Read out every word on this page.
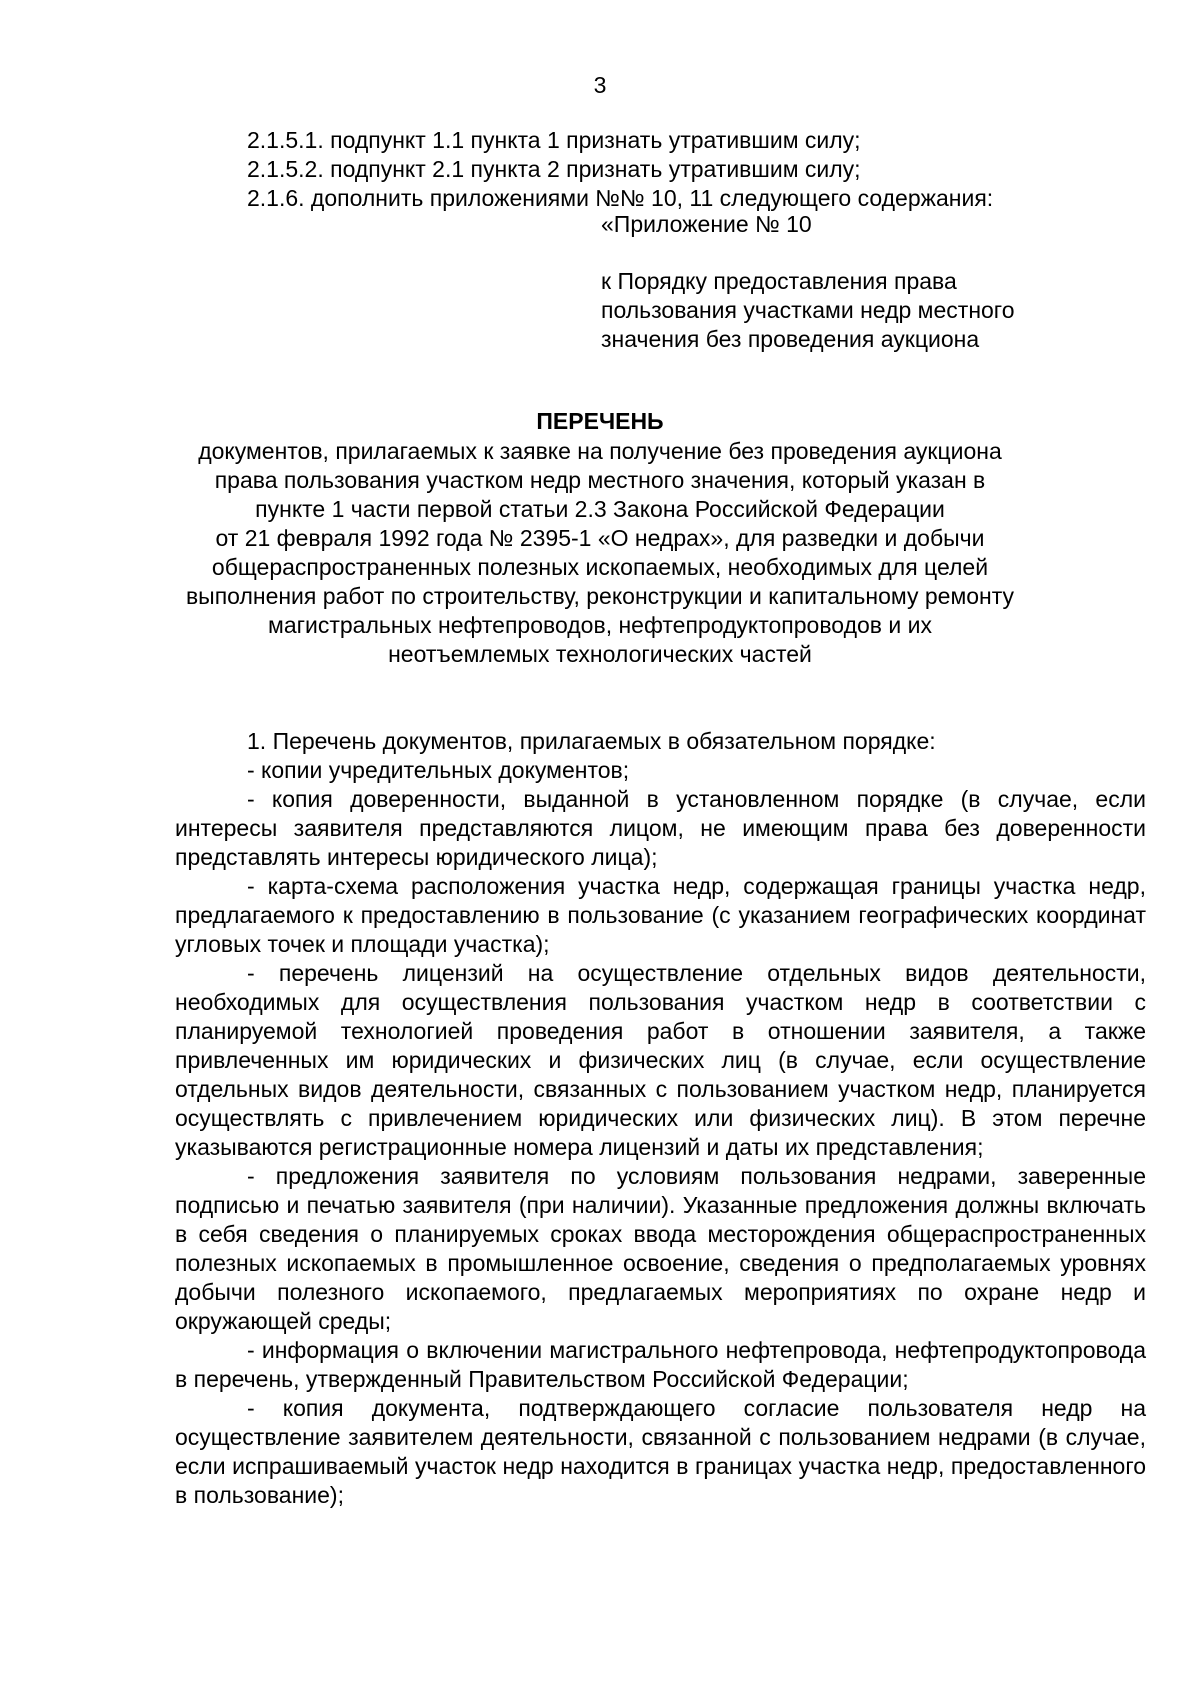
3
2.1.5.1. подпункт 1.1 пункта 1 признать утратившим силу;
2.1.5.2. подпункт 2.1 пункта 2 признать утратившим силу;
2.1.6. дополнить приложениями №№ 10, 11 следующего содержания:
«Приложение № 10
к Порядку предоставления права
пользования участками недр местного
значения без проведения аукциона
ПЕРЕЧЕНЬ
документов, прилагаемых к заявке на получение без проведения аукциона
права пользования участком недр местного значения, который указан в
пункте 1 части первой статьи 2.3 Закона Российской Федерации
от 21 февраля 1992 года № 2395-1 «О недрах», для разведки и добычи
общераспространенных полезных ископаемых, необходимых для целей
выполнения работ по строительству, реконструкции и капитальному ремонту
магистральных нефтепроводов, нефтепродуктопроводов и их
неотъемлемых технологических частей

1. Перечень документов, прилагаемых в обязательном порядке:

- копии учредительных документов;

- копия доверенности, выданной в установленном порядке (в случае, если интересы заявителя представляются лицом, не имеющим права без доверенности представлять интересы юридического лица);

- карта-схема расположения участка недр, содержащая границы участка недр, предлагаемого к предоставлению в пользование (с указанием географических координат угловых точек и площади участка);

- перечень лицензий на осуществление отдельных видов деятельности, необходимых для осуществления пользования участком недр в соответствии с планируемой технологией проведения работ в отношении заявителя, а также привлеченных им юридических и физических лиц (в случае, если осуществление отдельных видов деятельности, связанных с пользованием участком недр, планируется осуществлять с привлечением юридических или физических лиц). В этом перечне указываются регистрационные номера лицензий и даты их представления;

- предложения заявителя по условиям пользования недрами, заверенные подписью и печатью заявителя (при наличии). Указанные предложения должны включать в себя сведения о планируемых сроках ввода месторождения общераспространенных полезных ископаемых в промышленное освоение, сведения о предполагаемых уровнях добычи полезного ископаемого, предлагаемых мероприятиях по охране недр и окружающей среды;

- информация о включении магистрального нефтепровода, нефтепродуктопровода в перечень, утвержденный Правительством Российской Федерации;

- копия документа, подтверждающего согласие пользователя недр на осуществление заявителем деятельности, связанной с пользованием недрами (в случае, если испрашиваемый участок недр находится в границах участка недр, предоставленного в пользование);
